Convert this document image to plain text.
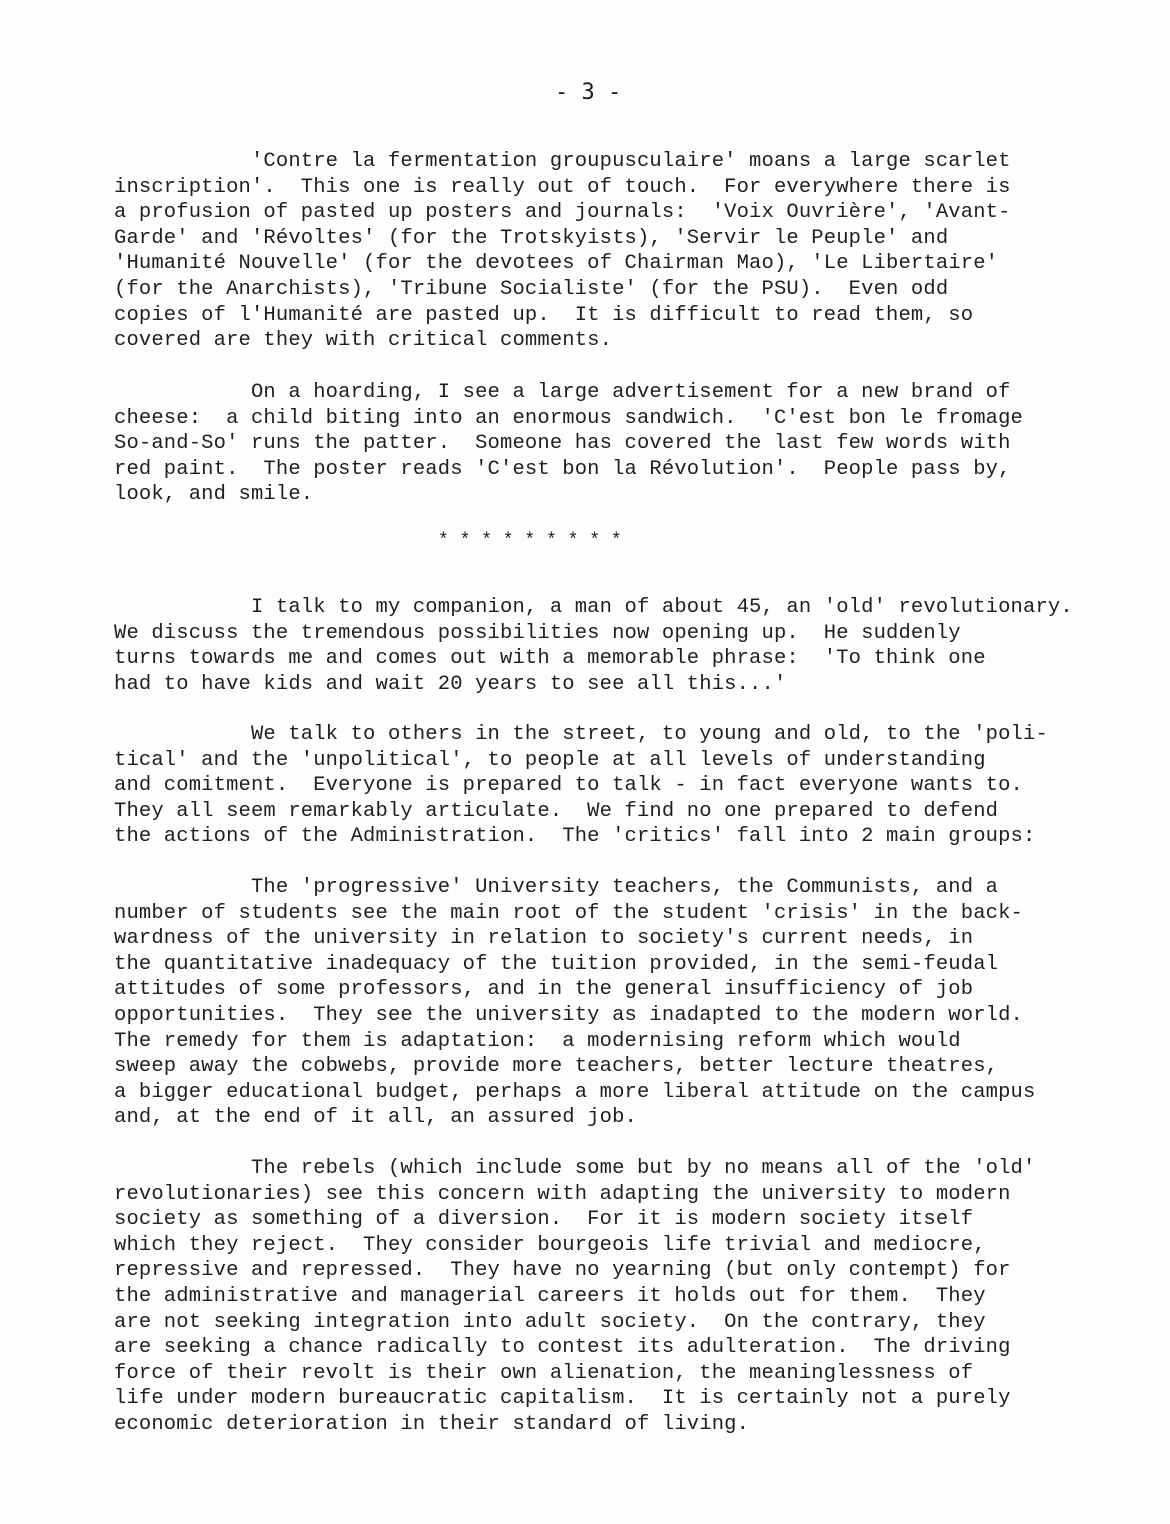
- 3 -

'Contre la fermentation groupusculaire' moans a large scarlet
inscription'.  This one is really out of touch.  For everywhere there is
a profusion of pasted up posters and journals:  'Voix Ouvrière', 'Avant-
Garde' and 'Révoltes' (for the Trotskyists), 'Servir le Peuple' and
'Humanité Nouvelle' (for the devotees of Chairman Mao), 'Le Libertaire'
(for the Anarchists), 'Tribune Socialiste' (for the PSU).  Even odd
copies of l'Humanité are pasted up.  It is difficult to read them, so
covered are they with critical comments.

On a hoarding, I see a large advertisement for a new brand of
cheese:  a child biting into an enormous sandwich.  'C'est bon le fromage
So-and-So' runs the patter.  Someone has covered the last few words with
red paint.  The poster reads 'C'est bon la Révolution'.  People pass by,
look, and smile.

* * * * * * * * *

I talk to my companion, a man of about 45, an 'old' revolutionary.
We discuss the tremendous possibilities now opening up.  He suddenly
turns towards me and comes out with a memorable phrase:  'To think one
had to have kids and wait 20 years to see all this...'

We talk to others in the street, to young and old, to the 'poli-
tical' and the 'unpolitical', to people at all levels of understanding
and comitment.  Everyone is prepared to talk - in fact everyone wants to.
They all seem remarkably articulate.  We find no one prepared to defend
the actions of the Administration.  The 'critics' fall into 2 main groups:

The 'progressive' University teachers, the Communists, and a
number of students see the main root of the student 'crisis' in the back-
wardness of the university in relation to society's current needs, in
the quantitative inadequacy of the tuition provided, in the semi-feudal
attitudes of some professors, and in the general insufficiency of job
opportunities.  They see the university as inadapted to the modern world.
The remedy for them is adaptation:  a modernising reform which would
sweep away the cobwebs, provide more teachers, better lecture theatres,
a bigger educational budget, perhaps a more liberal attitude on the campus
and, at the end of it all, an assured job.

The rebels (which include some but by no means all of the 'old'
revolutionaries) see this concern with adapting the university to modern
society as something of a diversion.  For it is modern society itself
which they reject.  They consider bourgeois life trivial and mediocre,
repressive and repressed.  They have no yearning (but only contempt) for
the administrative and managerial careers it holds out for them.  They
are not seeking integration into adult society.  On the contrary, they
are seeking a chance radically to contest its adulteration.  The driving
force of their revolt is their own alienation, the meaninglessness of
life under modern bureaucratic capitalism.  It is certainly not a purely
economic deterioration in their standard of living.
